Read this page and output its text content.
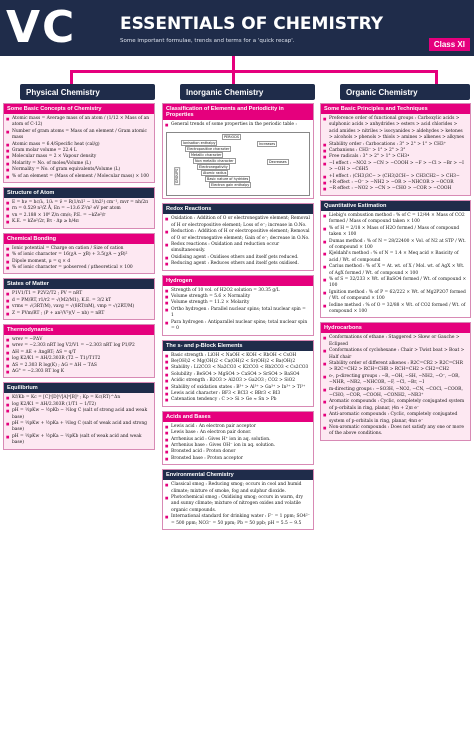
VC	ESSENTIALS OF CHEMISTRY
Some important formulae, trends and terms for a 'quick recap'.	Class XI
Physical Chemistry	Inorganic Chemistry	Organic Chemistry
Some Basic Concepts of Chemistry
■ Atomic mass = Average mass of an atom / (1/12 × Mass of an atom of C-12)
■ Number of gram atoms = Mass of an element / Gram atomic mass
■ Atomic mass = 6.4/Specific heat (cal/g)
■ Gram molar volume = 22.4 L
■ Molecular mass = 2 × Vapour density
■ Molarity = No. of moles/Volume (L)
■ Normality = No. of gram equivalents/Volume (L)
■ % of an element = (Mass of element / Molecular mass) × 100
Structure of Atom
■ E = hν = hc/λ, 1/λ = ν̄ = R(1/n1² − 1/n2²) cm⁻¹, mvr = nh/2π
■ rn = 0.529 n²/Z Å, En = −13.6 Z²/n² eV per atom
■ vn = 2.188 × 10⁶ Z/n cm/s; P.E. = −kZe²/r
■ K.E. = kZe²/2r, Bτ · Δp ≥ h/4π
Chemical Bonding
■ Ionic potential = Charge on cation / Size of cation
■ % of ionic character = 16(χA − χB) + 3.5(χA − χB)²
■ Dipole moment, μ = q × d
■ % of ionic character = μobserved / μtheoretical × 100
States of Matter
■ P1V1/T1 = P2V2/T2 ; PV = nRT
■ d = PM/RT, r1/r2 = √(M2/M1), K.E. = 3/2 kT
■ vrms = √(3RT/M), vavg = √(8RT/πM), vmp = √(2RT/M)
■ Z = PVm/RT ; (P + an²/V²)(V − nb) = nRT
Thermodynamics
■ wrev = −PΔV
■ wrev = −2.303 nRT log V2/V1 = −2.303 nRT log P1/P2
■ ΔH = ΔE + ΔngRT; ΔS = q/T
■ log K2/K1 = ΔH/2.303R (T2 − T1)/T1T2
■ ΔS = 2.303 R log(K) ; ΔG = ΔH − TΔS
■ ΔG° = −2.303 RT log K
Equilibrium
■ Kf/Kb = Kc = [C]ᶜ[D]ᵈ/[A]ᵃ[B]ᵇ ; Kp = Kc(RT)^Δn
■ log K2/K1 = ΔH/2.303R (1/T1 − 1/T2)
■ pH = ½pKw − ½pKb − ½log C (salt of strong acid and weak base)
■ pH = ½pKw + ½pKa + ½log C (salt of weak acid and strong base)
■ pH = ½pKw + ½pKa − ½pKb (salt of weak acid and weak base)
Classification of Elements and Periodicity in Properties
■ General trends of some properties in the periodic table :
PERIODS
Ionisation enthalpy
Electropositive character
Metallic character
Non metallic character
Electronegativity
Atomic radius
Basic nature of hydrides
Electron gain enthalpy
Increases
Decreases
GROUPS
Redox Reactions
■ Oxidation : Addition of O or electronegative element; Removal of H or electropositive element; Loss of e⁻; increase in O.No.
■ Reduction : Addition of H or electropositive element; Removal of O or electronegative element; Gain of e⁻; decrease in O.No.
■ Redox reactions : Oxidation and reduction occur simultaneously.
■ Oxidising agent : Oxidises others and itself gets reduced.
■ Reducing agent : Reduces others and itself gets oxidised.
Hydrogen
■ Strength of 10 vol. of H2O2 solution = 30.35 g/L
■ Volume strength = 5.6 × Normality
■ Volume strength = 11.2 × Molarity
■ Ortho hydrogen : Parallel nuclear spins; total nuclear spin = 1
■ Para hydrogen : Antiparallel nuclear spins; total nuclear spin = 0
The s- and p-Block Elements
■ Basic strength : LiOH < NaOH < KOH < RbOH < CsOH
■ Be(OH)2 < Mg(OH)2 < Ca(OH)2 < Sr(OH)2 < Ba(OH)2
■ Stability : Li2CO3 < Na2CO3 < K2CO3 < Rb2CO3 < Cs2CO3
■ Solubility : BeSO4 > MgSO4 > CaSO4 > SrSO4 > BaSO4
■ Acidic strength : B2O3 > Al2O3 > Ga2O3 ; CO2 > SiO2
■ Stability of oxidation states : B³⁺ > Al³⁺ > Ga³⁺ > In³⁺ > Tl³⁺
■ Lewis acid character : BF3 < BCl3 < BBr3 < BI3
■ Catenation tendency : C >> Si > Ge ≈ Sn > Pb
Acids and Bases
■ Lewis acid : An electron pair acceptor
■ Lewis base : An electron pair donor.
■ Arrhenius acid : Gives H⁺ ion in aq. solution.
■ Arrhenius base : Gives OH⁻ ion in aq. solution.
■ Bronsted acid : Proton donor
■ Bronsted base : Proton acceptor
Environmental Chemistry
■ Classical smog : Reducing smog; occurs in cool and humid climate; mixture of smoke, fog and sulphur dioxide.
■ Photochemical smog : Oxidising smog; occurs in warm, dry and sunny climate; mixture of nitrogen oxides and volatile organic compounds.
■ International standard for drinking water : F⁻ = 1 ppm; SO4²⁻ = 500 ppm; NO3⁻ = 50 ppm; Pb = 50 ppb; pH = 5.5 − 9.5
Some Basic Principles and Techniques
■ Preference order of functional groups : Carboxylic acids > sulphonic acids > anhydrides > esters > acid chlorides > acid amides > nitriles > isocyanides > aldehydes > ketones > alcohols > phenols > thiols > amines > alkenes > alkynes
■ Stability order : Carbocations : 3° > 2° > 1° > CH3⁺
■ Carbanions : CH3⁻ > 1° > 2° > 3°
■ Free radicals : 3° > 2° > 1° > CH3•
■ −I effect : −NO2 > −CN > −COOH > −F > −Cl > −Br > −I > −OH > −C6H5
■ +I effect : (CH3)3C− > (CH3)2CH− > CH3CH2− > CH3−
■ +R effect : −O⁻ > −NH2 > −OR > −NHCOR > −OCOR
■ −R effect : −NO2 > −CN > −CHO > −COR > −COOH
Quantitative Estimation
■ Liebig's combustion method : % of C = 12/44 × Mass of CO2 formed / Mass of compound taken × 100
■ % of H = 2/18 × Mass of H2O formed / Mass of compound taken × 100
■ Dumas method : % of N = 28/22400 × Vol. of N2 at STP / Wt. of compound × 100
■ Kjeldahl's method : % of N = 1.4 × Meq acid × Basicity of acid / Wt. of compound
■ Carius method : % of X = At. wt. of X / Mol. wt. of AgX × Wt. of AgX formed / Wt. of compound × 100
■ % of S = 32/233 × Wt. of BaSO4 formed / Wt. of compound × 100
■ Ignition method : % of P = 62/222 × Wt. of Mg2P2O7 formed / Wt. of compound × 100
■ Iodine method : % of O = 32/88 × Wt. of CO2 formed / Wt. of compound × 100
Hydrocarbons
■ Conformations of ethane : Staggered > Skew or Gauche > Eclipsed
■ Conformations of cyclohexane : Chair > Twist boat > Boat > Half chair
■ Stability order of different alkenes : R2C=CR2 > R2C=CHR > R2C=CH2 > RCH=CHR > RCH=CH2 > CH2=CH2
■ o-, p-directing groups : −R, −OH, −SH, −NH2, −O⁻, −OR, −NHR, −NR2, −NHCOR, −F, −Cl, −Br, −I
■ m-directing groups : −SO3H, −NO2, −CN, −COCl, −COOR, −CHO, −COR, −COOH, −CONH2, −NR3⁺
■ Aromatic compounds : Cyclic, completely conjugated system of p-orbitals in ring, planar, (4n + 2)π e⁻
■ Anti-aromatic compounds : Cyclic, completely conjugated system of p-orbitals in ring, planar, 4nπ e⁻
■ Non-aromatic compounds : Does not satisfy any one or more of the above conditions.
